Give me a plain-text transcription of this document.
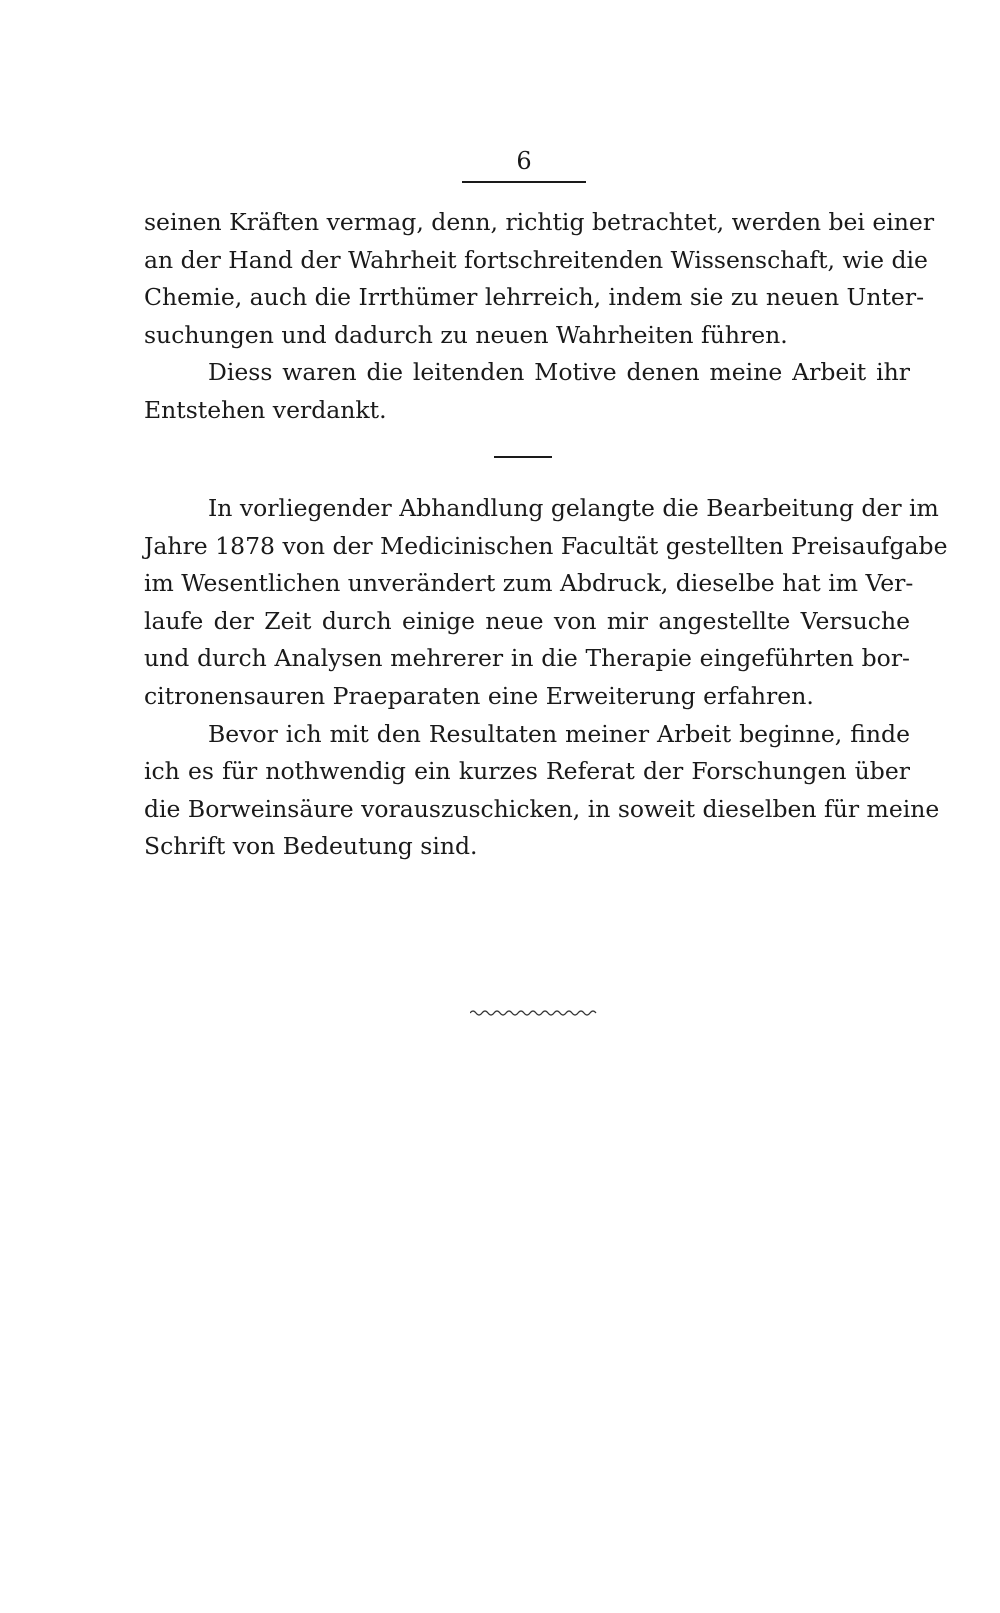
6
seinen Kräften vermag, denn, richtig betrachtet, werden bei einer
an der Hand der Wahrheit fortschreitenden Wissenschaft, wie die
Chemie, auch die Irrthümer lehrreich, indem sie zu neuen Unter-
suchungen und dadurch zu neuen Wahrheiten führen.
Diess waren die leitenden Motive denen meine Arbeit ihr
Entstehen verdankt.
In vorliegender Abhandlung gelangte die Bearbeitung der im
Jahre 1878 von der Medicinischen Facultät gestellten Preisaufgabe
im Wesentlichen unverändert zum Abdruck, dieselbe hat im Ver-
laufe der Zeit durch einige neue von mir angestellte Versuche
und durch Analysen mehrerer in die Therapie eingeführten bor-
citronensauren Praeparaten eine Erweiterung erfahren.
Bevor ich mit den Resultaten meiner Arbeit beginne, finde
ich es für nothwendig ein kurzes Referat der Forschungen über
die Borweinsäure vorauszuschicken, in soweit dieselben für meine
Schrift von Bedeutung sind.
